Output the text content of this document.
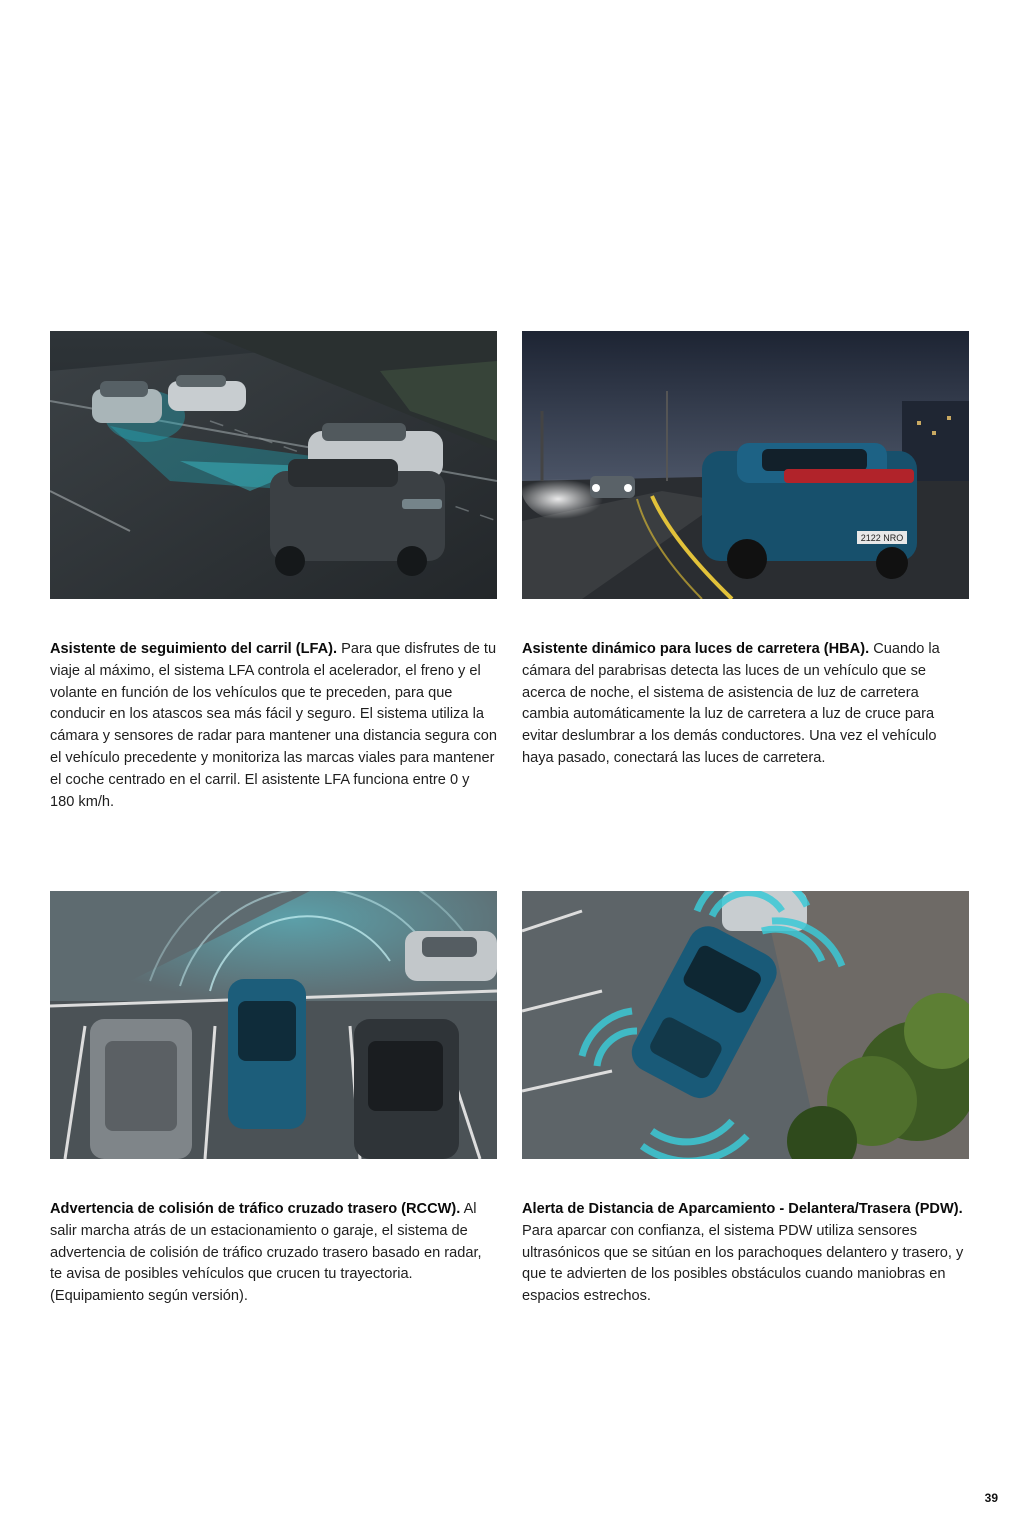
Asistente de seguimiento del carril (LFA). Para que disfrutes de tu viaje al máximo, el sistema LFA controla el acelerador, el freno y el volante en función de los vehículos que te preceden, para que conducir en los atascos sea más fácil y seguro. El sistema utiliza la cámara y sensores de radar para mantener una distancia segura con el vehículo precedente y monitoriza las marcas viales para mantener el coche centrado en el carril. El asistente LFA funciona entre 0 y 180 km/h.
2122 NRO
Asistente dinámico para luces de carretera (HBA). Cuando la cámara del parabrisas detecta las luces de un vehículo que se acerca de noche, el sistema de asistencia de luz de carretera cambia automáticamente la luz de carretera a luz de cruce para evitar deslumbrar a los demás conductores. Una vez el vehículo haya pasado, conectará las luces de carretera.
Advertencia de colisión de tráfico cruzado trasero (RCCW). Al salir marcha atrás de un estacionamiento o garaje, el sistema de advertencia de colisión de tráfico cruzado trasero basado en radar, te avisa de posibles vehículos que crucen tu trayectoria. (Equipamiento según versión).
Alerta de Distancia de Aparcamiento - Delantera/Trasera (PDW). Para aparcar con confianza, el sistema PDW utiliza sensores ultrasónicos que se sitúan en los parachoques delantero y trasero, y que te advierten de los posibles obstáculos cuando maniobras en espacios estrechos.
39
